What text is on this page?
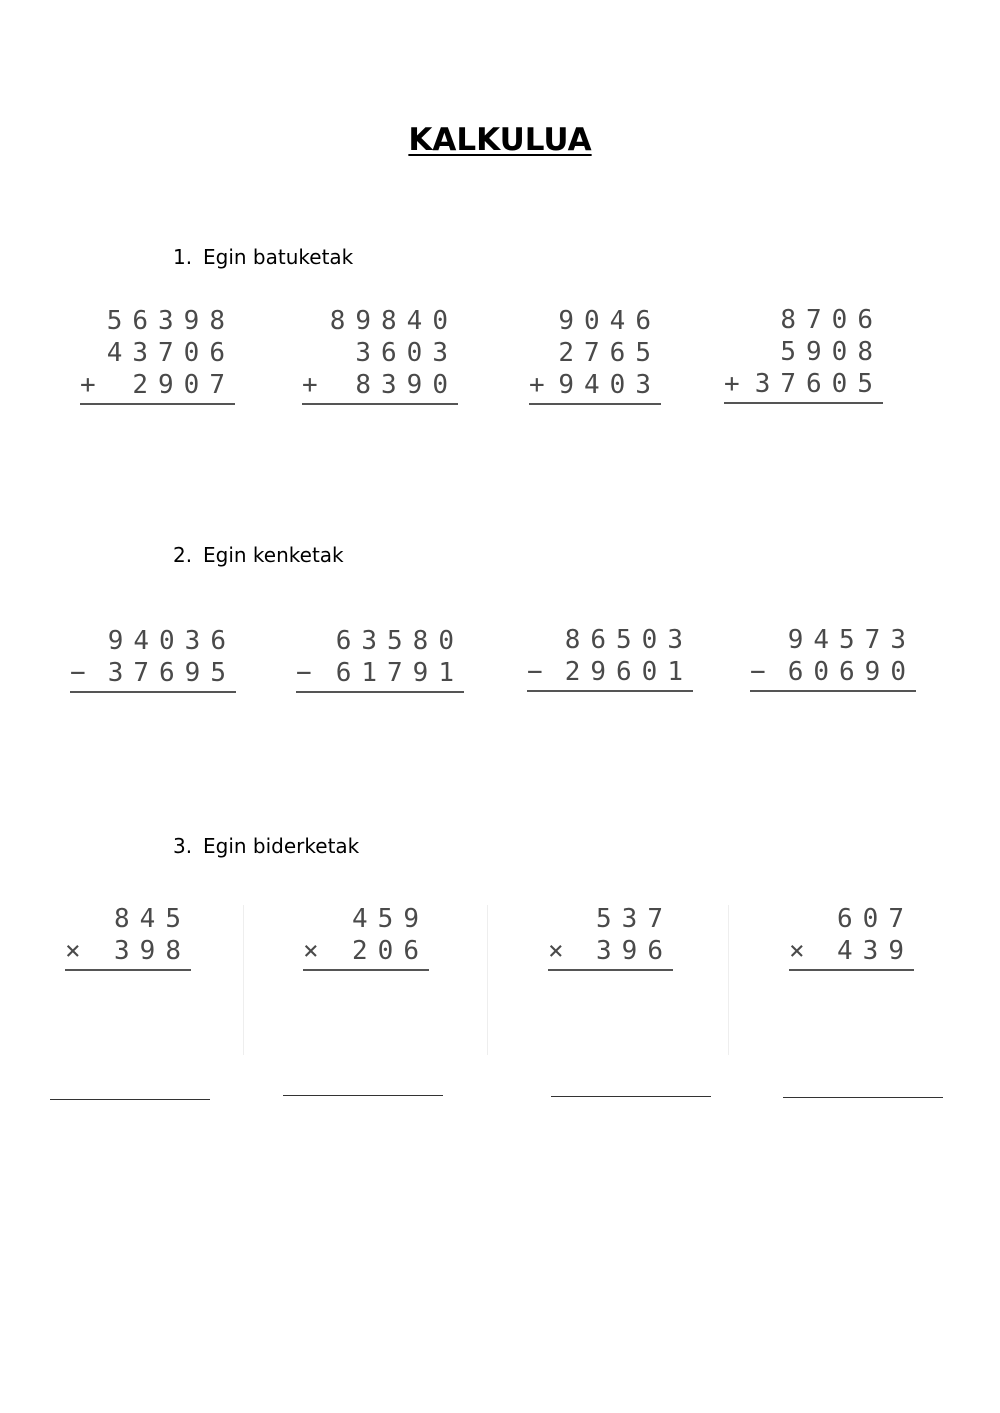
KALKULUA
1. Egin batuketak
56398
43706
+ 2907
89840
3603
+ 8390
9046
2765
+ 9403
8706
5908
+ 37605
2. Egin kenketak
94036
− 37695
63580
− 61791
86503
− 29601
94573
− 60690
3. Egin biderketak
845
× 398
459
× 206
537
× 396
607
× 439
